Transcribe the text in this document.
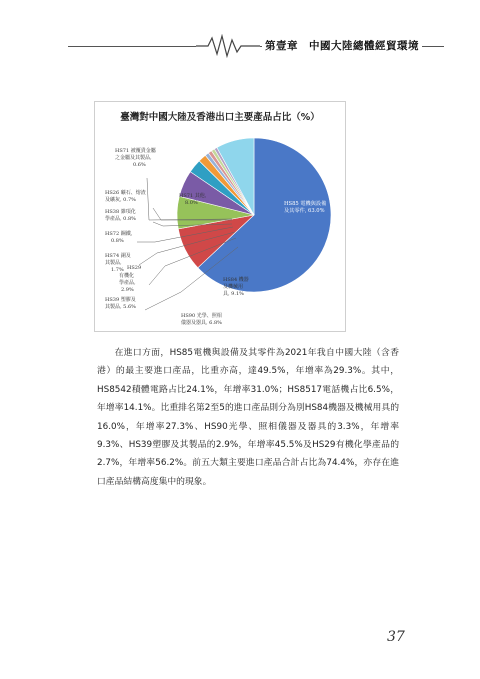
第壹章　中國大陸總體經貿環境
臺灣對中國大陸及香港出口主要產品占比（%）
HS85 電機與設備
及其零件, 63.0%
HS71 其他,
8.0%
HS84 機器
及機械用
具, 9.1%
HS90 光學、照相
儀器及器具, 6.8%
HS39 塑膠及
其製品, 5.6%
HS29
有機化
學產品,
2.9%
HS74 銅及
其製品,
1.7%
HS72 鋼鐵,
0.8%
HS38 雜項化
學產品, 0.8%
HS26 礦石、熔渣
及礦灰, 0.7%
HS71 被覆貴金屬
之金屬及其製品,
0.6%

在進口方面，HS85電機與設備及其零件為2021年我自中國大陸（含香港）的最主要進口產品，比重亦高，達49.5%，年增率為29.3%。其中，HS8542積體電路占比24.1%，年增率31.0%；HS8517電話機占比6.5%，年增率14.1%。比重排名第2至5的進口產品則分為別HS84機器及機械用具的16.0%，年增率27.3%、HS90光學、照相儀器及器具的3.3%，年增率9.3%、HS39塑膠及其製品的2.9%，年增率45.5%及HS29有機化學產品的2.7%，年增率56.2%。前五大類主要進口產品合計占比為74.4%，亦存在進口產品結構高度集中的現象。

37
